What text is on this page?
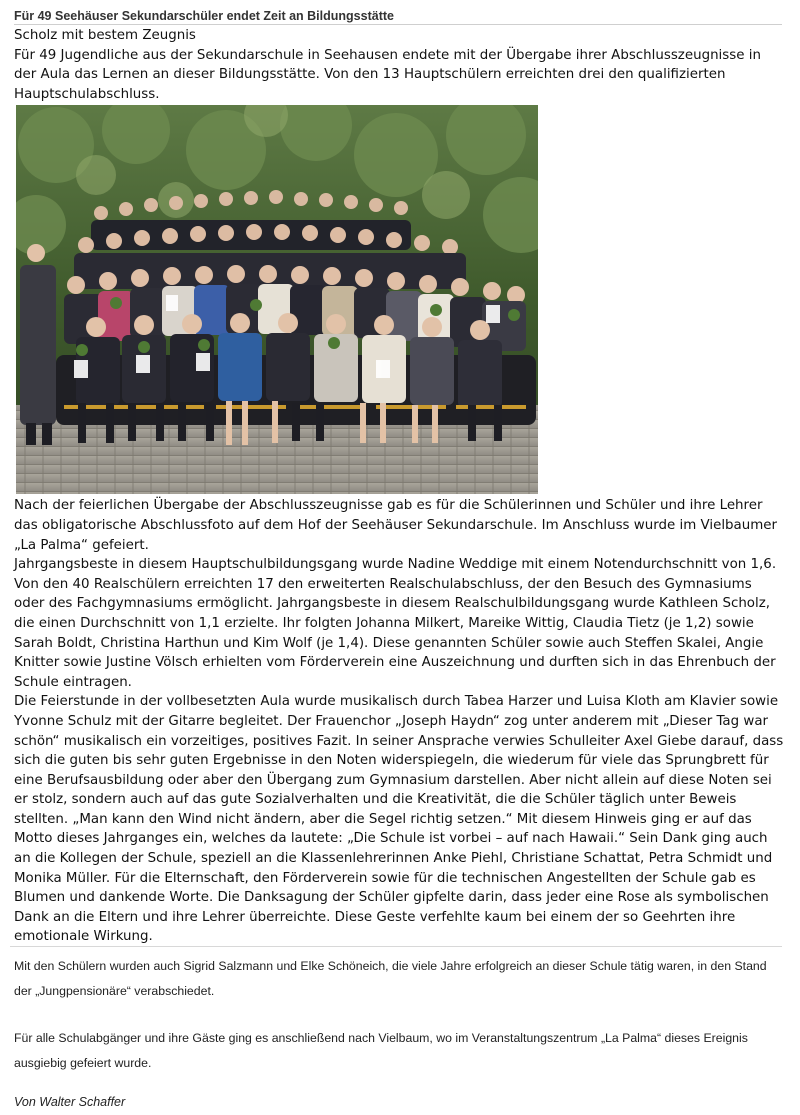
Für 49 Seehäuser Sekundarschüler endet Zeit an Bildungsstätte

Scholz mit bestem Zeugnis

Für 49 Jugendliche aus der Sekundarschule in Seehausen endete mit der Übergabe ihrer Abschlusszeugnisse in der Aula das Lernen an dieser Bildungsstätte. Von den 13 Hauptschülern erreichten drei den qualifizierten Hauptschulabschluss.

Nach der feierlichen Übergabe der Abschlusszeugnisse gab es für die Schülerinnen und Schüler und ihre Lehrer das obligatorische Abschlussfoto auf dem Hof der Seehäuser Sekundarschule. Im Anschluss wurde im Vielbaumer „La Palma“ gefeiert.

Jahrgangsbeste in diesem Hauptschulbildungsgang wurde Nadine Weddige mit einem Notendurchschnitt von 1,6. Von den 40 Realschülern erreichten 17 den erweiterten Realschulabschluss, der den Besuch des Gymnasiums oder des Fachgymnasiums ermöglicht. Jahrgangsbeste in diesem Realschulbildungsgang wurde Kathleen Scholz, die einen Durchschnitt von 1,1 erzielte. Ihr folgten Johanna Milkert, Mareike Wittig, Claudia Tietz (je 1,2) sowie Sarah Boldt, Christina Harthun und Kim Wolf (je 1,4). Diese genannten Schüler sowie auch Steffen Skalei, Angie Knitter sowie Justine Völsch erhielten vom Förderverein eine Auszeichnung und durften sich in das Ehrenbuch der Schule eintragen.

Die Feierstunde in der vollbesetzten Aula wurde musikalisch durch Tabea Harzer und Luisa Kloth am Klavier sowie Yvonne Schulz mit der Gitarre begleitet. Der Frauenchor „Joseph Haydn“ zog unter anderem mit „Dieser Tag war schön“ musikalisch ein vorzeitiges, positives Fazit. In seiner Ansprache verwies Schulleiter Axel Giebe darauf, dass sich die guten bis sehr guten Ergebnisse in den Noten widerspiegeln, die wiederum für viele das Sprungbrett für eine Berufsausbildung oder aber den Übergang zum Gymnasium darstellen. Aber nicht allein auf diese Noten sei er stolz, sondern auch auf das gute Sozialverhalten und die Kreativität, die die Schüler täglich unter Beweis stellten. „Man kann den Wind nicht ändern, aber die Segel richtig setzen.“ Mit diesem Hinweis ging er auf das Motto dieses Jahrganges ein, welches da lautete: „Die Schule ist vorbei – auf nach Hawaii.“ Sein Dank ging auch an die Kollegen der Schule, speziell an die Klassenlehrerinnen Anke Piehl, Christiane Schattat, Petra Schmidt und Monika Müller. Für die Elternschaft, den Förderverein sowie für die technischen Angestellten der Schule gab es Blumen und dankende Worte. Die Danksagung der Schüler gipfelte darin, dass jeder eine Rose als symbolischen Dank an die Eltern und ihre Lehrer überreichte. Diese Geste verfehlte kaum bei einem der so Geehrten ihre emotionale Wirkung.

Mit den Schülern wurden auch Sigrid Salzmann und Elke Schöneich, die viele Jahre erfolgreich an dieser Schule tätig waren, in den Stand der „Jungpensionäre“ verabschiedet.

Für alle Schulabgänger und ihre Gäste ging es anschließend nach Vielbaum, wo im Veranstaltungszentrum „La Palma“ dieses Ereignis ausgiebig gefeiert wurde.

Von Walter Schaffer
